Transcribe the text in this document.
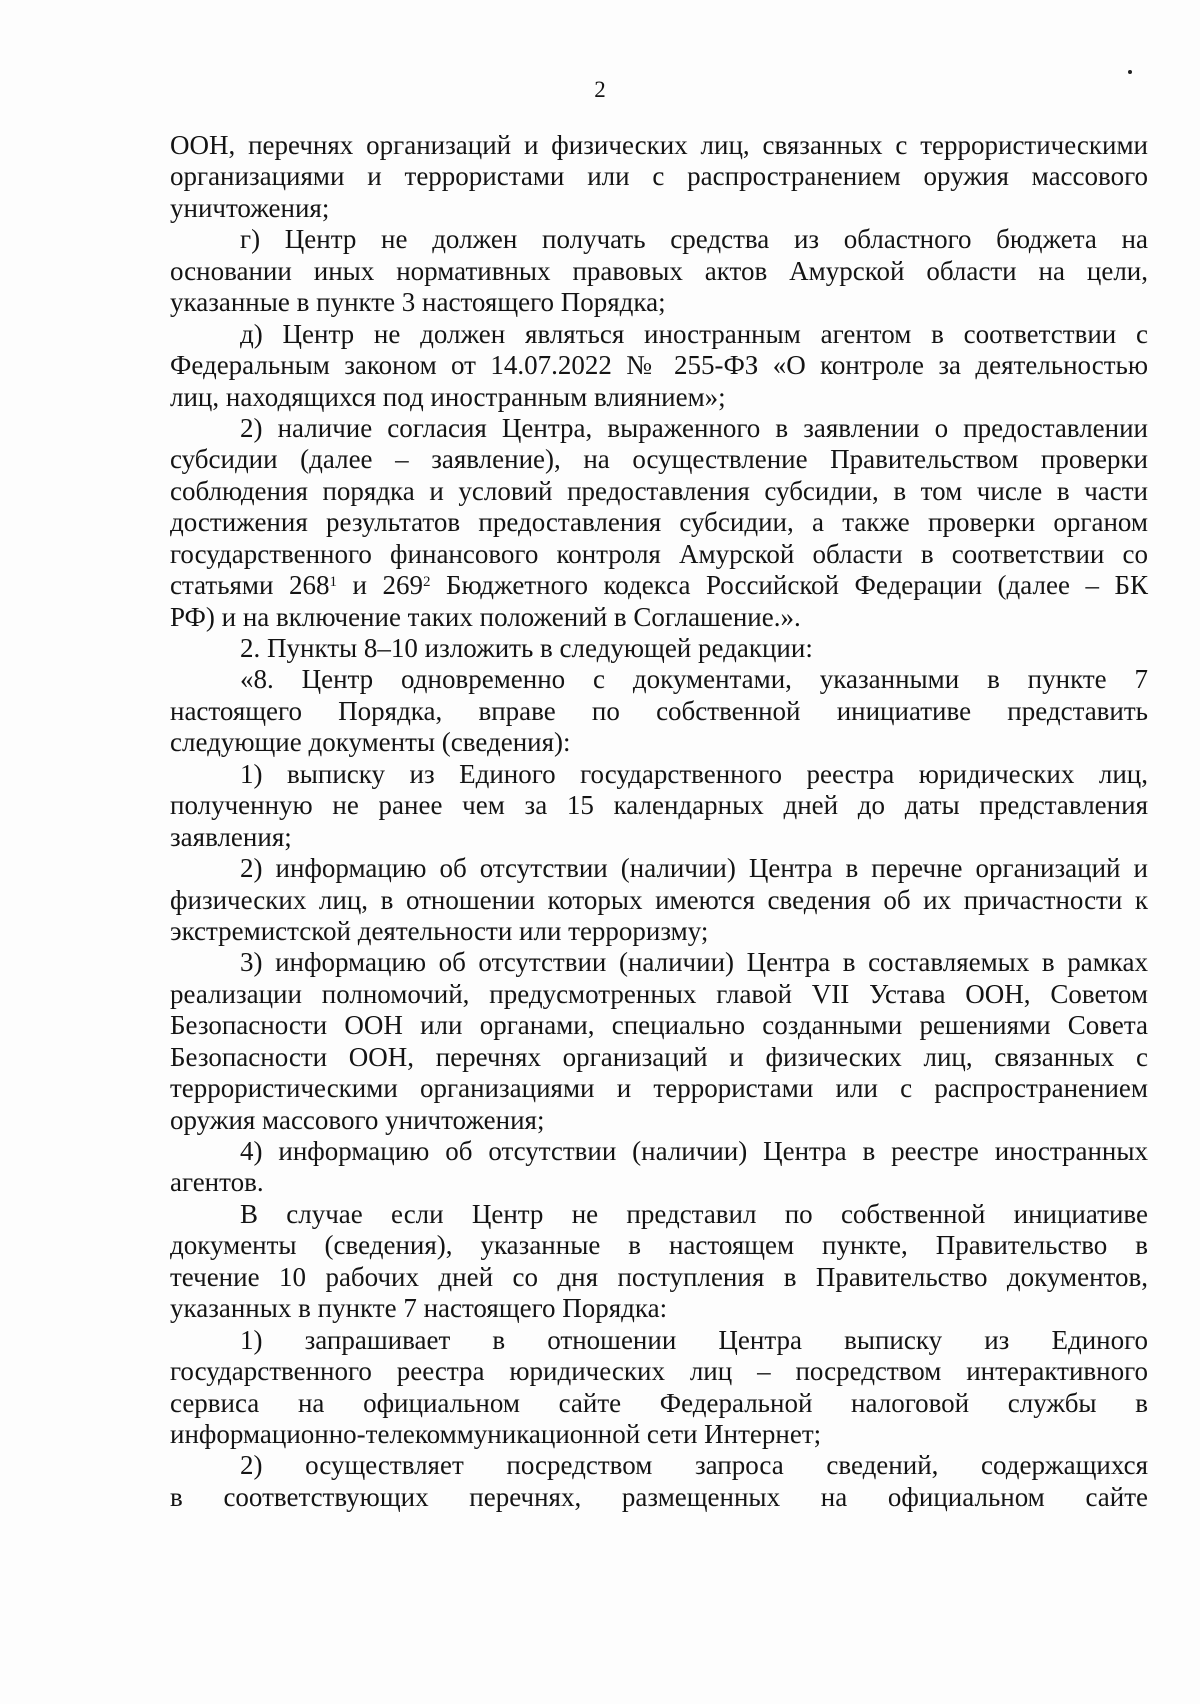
2
ООН, перечнях организаций и физических лиц, связанных с террористическими
организациями и террористами или с распространением оружия массового
уничтожения;
г) Центр не должен получать средства из областного бюджета на
основании иных нормативных правовых актов Амурской области на цели,
указанные в пункте 3 настоящего Порядка;
д) Центр не должен являться иностранным агентом в соответствии с
Федеральным законом от 14.07.2022 № 255-ФЗ «О контроле за деятельностью
лиц, находящихся под иностранным влиянием»;
2) наличие согласия Центра, выраженного в заявлении о предоставлении
субсидии (далее – заявление), на осуществление Правительством проверки
соблюдения порядка и условий предоставления субсидии, в том числе в части
достижения результатов предоставления субсидии, а также проверки органом
государственного финансового контроля Амурской области в соответствии со
статьями $268^1$ и $269^2$ Бюджетного кодекса Российской Федерации (далее – БК
РФ) и на включение таких положений в Соглашение.».
2. Пункты 8–10 изложить в следующей редакции:
«8. Центр одновременно с документами, указанными в пункте 7
настоящего Порядка, вправе по собственной инициативе представить
следующие документы (сведения):
1) выписку из Единого государственного реестра юридических лиц,
полученную не ранее чем за 15 календарных дней до даты представления
заявления;
2) информацию об отсутствии (наличии) Центра в перечне организаций и
физических лиц, в отношении которых имеются сведения об их причастности к
экстремистской деятельности или терроризму;
3) информацию об отсутствии (наличии) Центра в составляемых в рамках
реализации полномочий, предусмотренных главой VII Устава ООН, Советом
Безопасности ООН или органами, специально созданными решениями Совета
Безопасности ООН, перечнях организаций и физических лиц, связанных с
террористическими организациями и террористами или с распространением
оружия массового уничтожения;
4) информацию об отсутствии (наличии) Центра в реестре иностранных
агентов.
В случае если Центр не представил по собственной инициативе
документы (сведения), указанные в настоящем пункте, Правительство в
течение 10 рабочих дней со дня поступления в Правительство документов,
указанных в пункте 7 настоящего Порядка:
1) запрашивает в отношении Центра выписку из Единого
государственного реестра юридических лиц – посредством интерактивного
сервиса на официальном сайте Федеральной налоговой службы в
информационно-телекоммуникационной сети Интернет;
2) осуществляет посредством запроса сведений, содержащихся
в соответствующих перечнях, размещенных на официальном сайте
